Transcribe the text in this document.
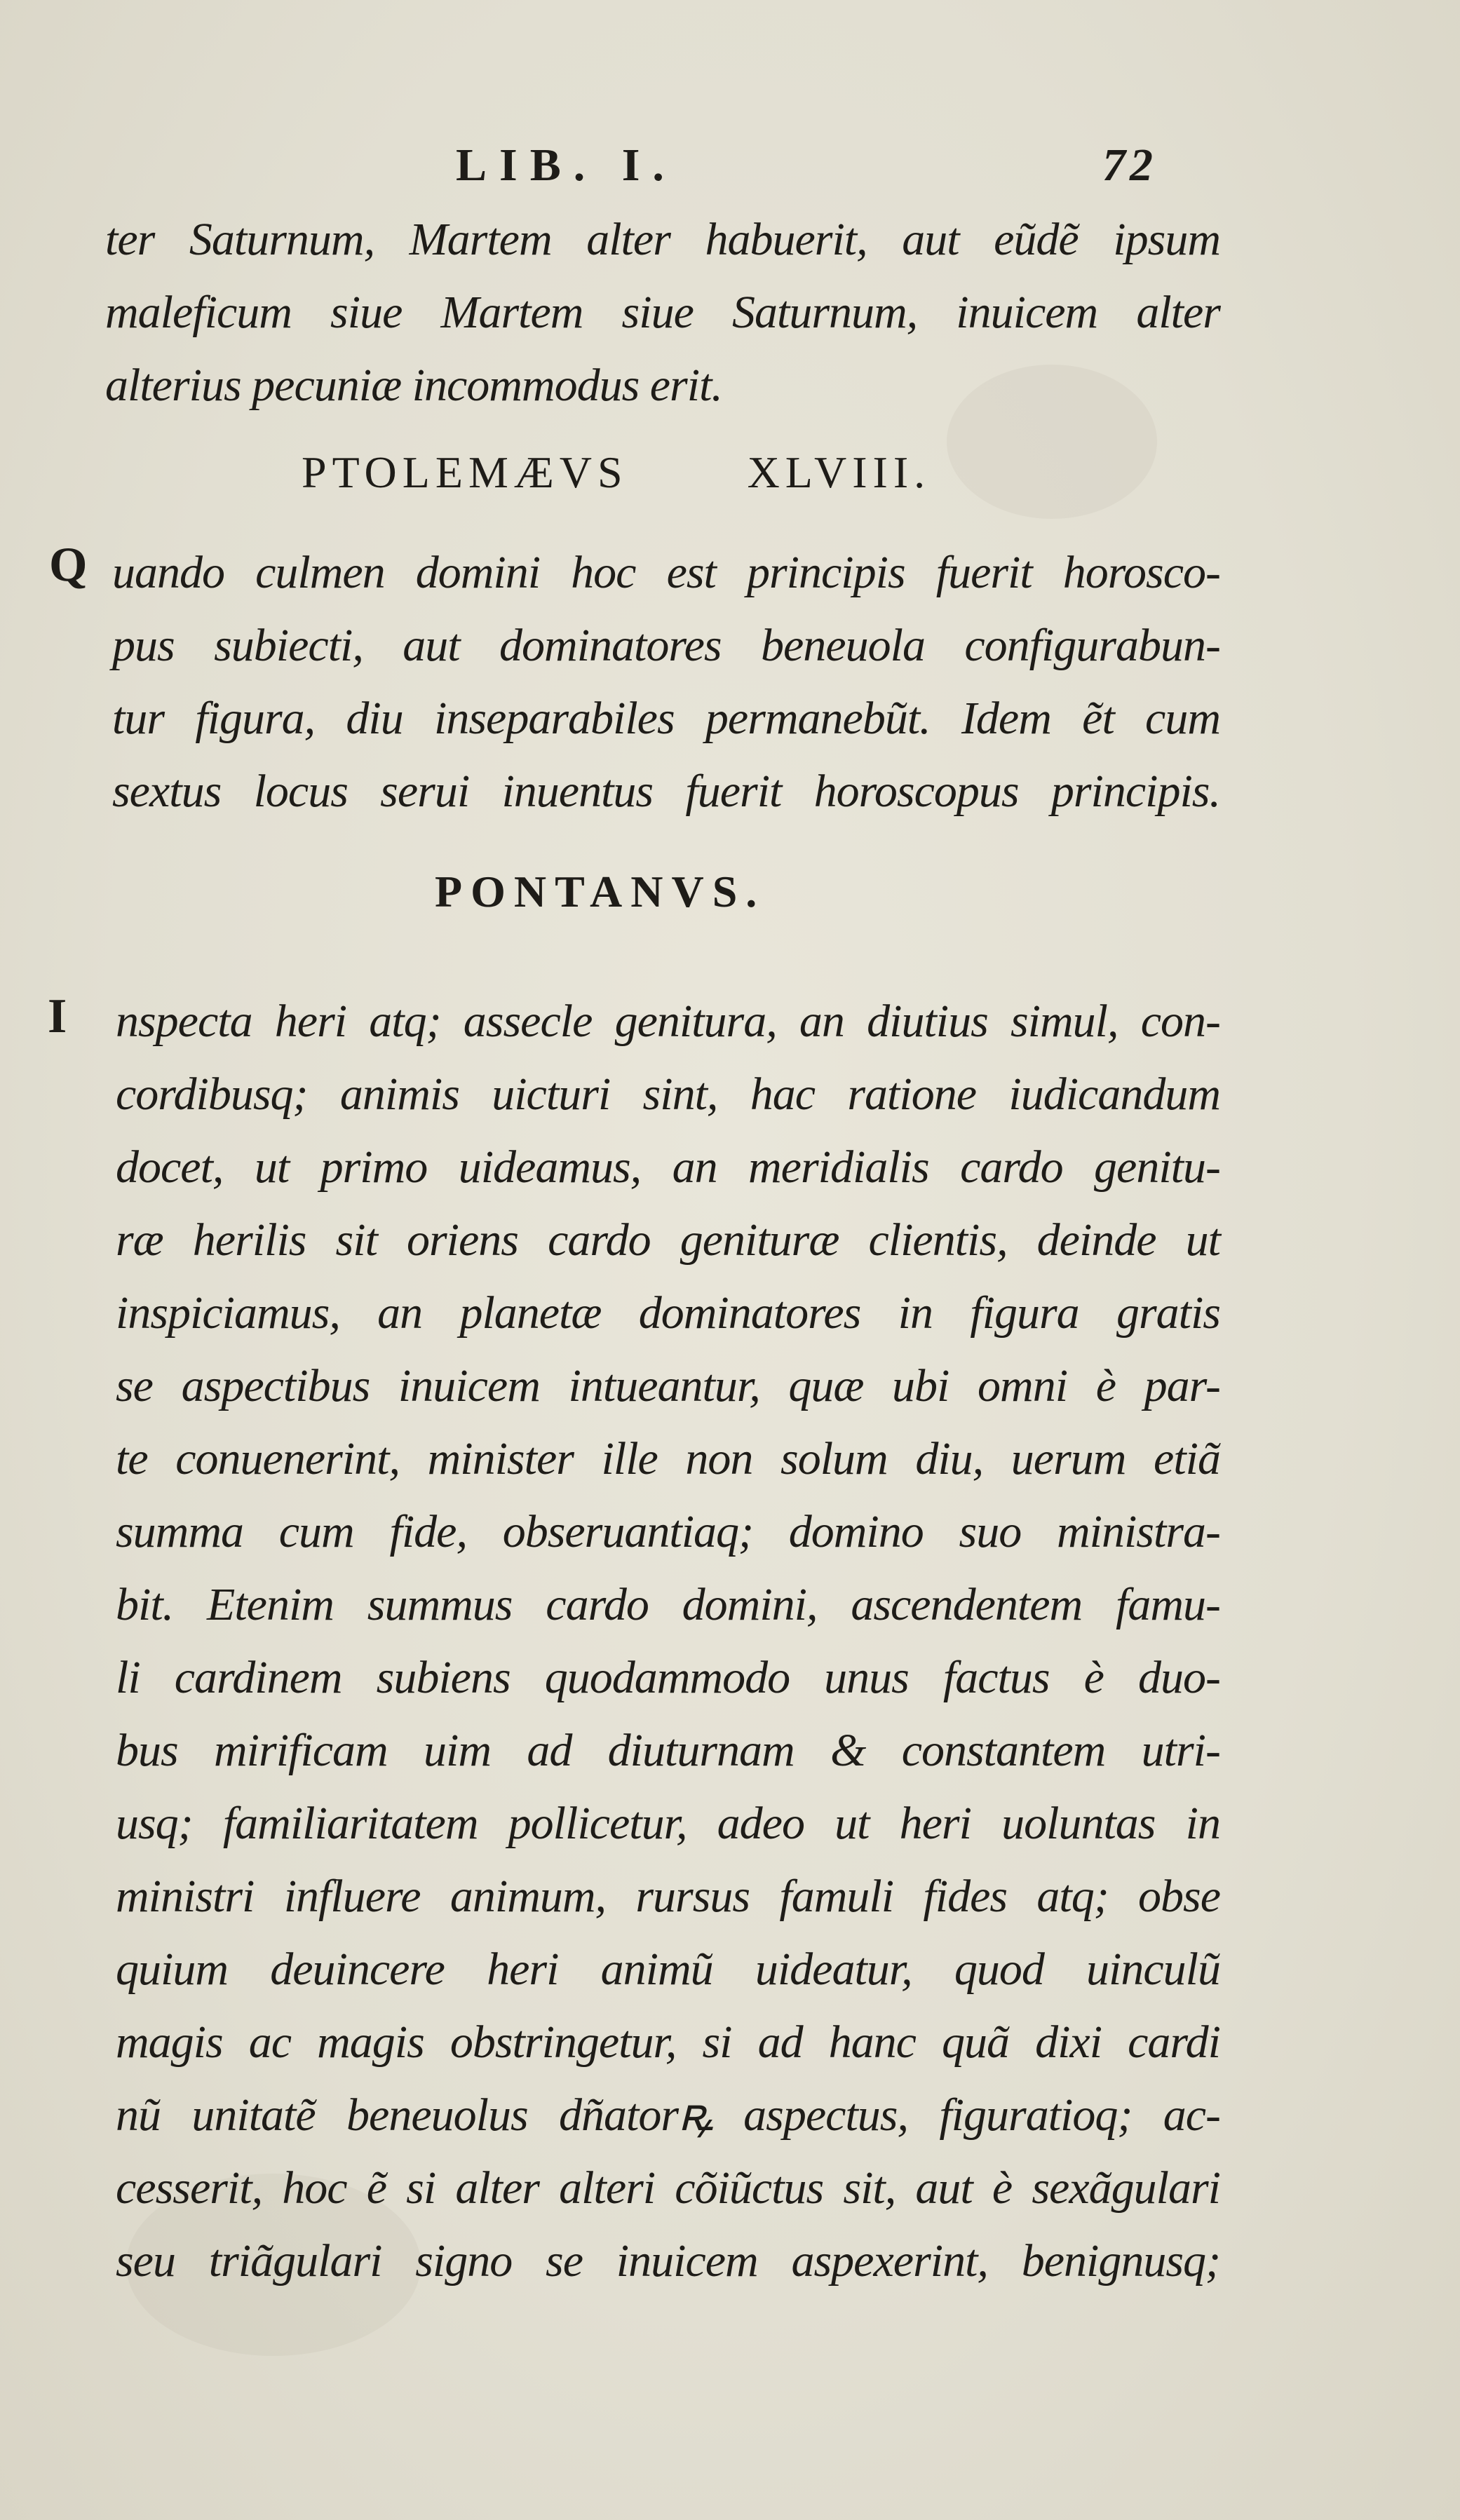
LIB. I.	72
ter Saturnum, Martem alter habuerit, aut eũdẽ ipsum
maleficum siue Martem siue Saturnum, inuicem alter
alterius pecuniæ incommodus erit.
PTOLEMÆVS	XLVIII.
Q uando culmen domini hoc est principis fuerit horosco-
pus subiecti, aut dominatores beneuola configurabun-
tur figura, diu inseparabiles permanebũt. Idem ẽt cum
sextus locus serui inuentus fuerit horoscopus principis.
PONTANVS.
I nspecta heri atq; assecle genitura, an diutius simul, con-
cordibusq; animis uicturi sint, hac ratione iudicandum
docet, ut primo uideamus, an meridialis cardo genitu-
ræ herilis sit oriens cardo genituræ clientis, deinde ut
inspiciamus, an planetæ dominatores in figura gratis
se aspectibus inuicem intueantur, quæ ubi omni è par-
te conuenerint, minister ille non solum diu, uerum etiã
summa cum fide, obseruantiaq; domino suo ministra-
bit. Etenim summus cardo domini, ascendentem famu-
li cardinem subiens quodammodo unus factus è duo-
bus mirificam uim ad diuturnam & constantem utri-
usq; familiaritatem pollicetur, adeo ut heri uoluntas in
ministri influere animum, rursus famuli fides atq; obse
quium deuincere heri animũ uideatur, quod uinculũ
magis ac magis obstringetur, si ad hanc quã dixi cardi
nũ unitatẽ beneuolus dñatorꝶ aspectus, figuratioq; ac-
cesserit, hoc ẽ si alter alteri cõiũctus sit, aut è sexãgulari
seu triãgulari signo se inuicem aspexerint, benignusq;
